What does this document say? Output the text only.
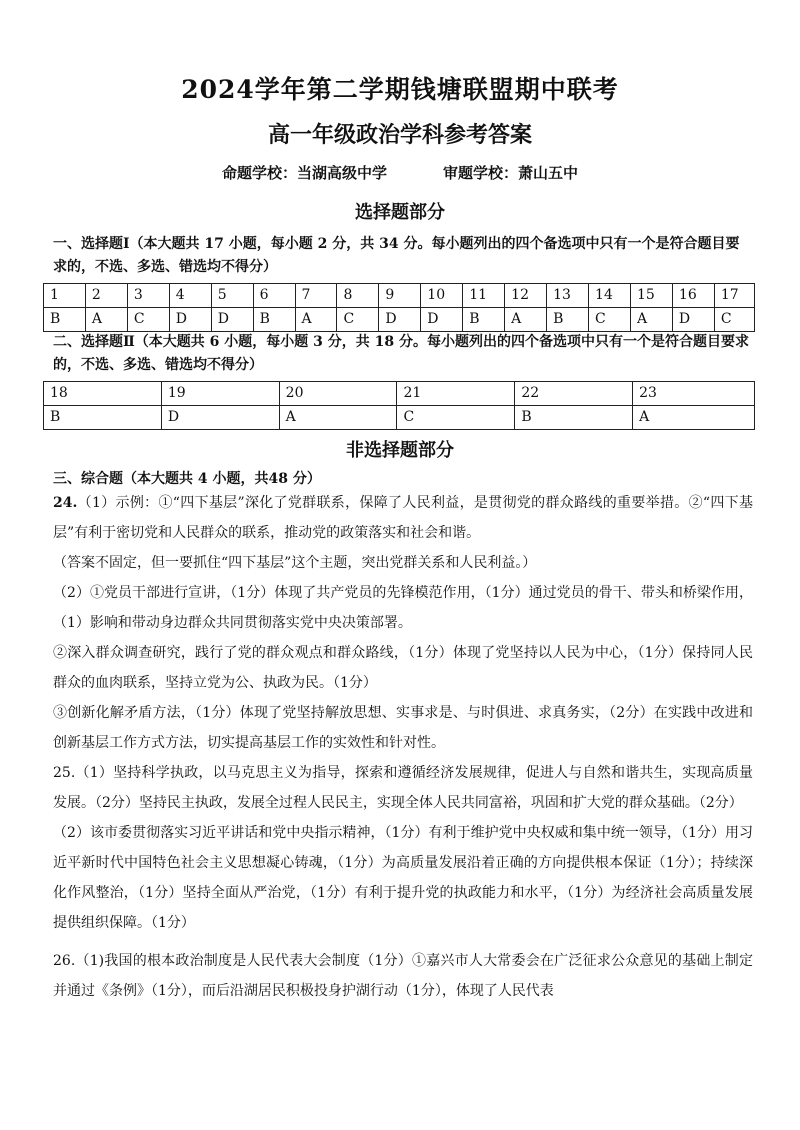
2024学年第二学期钱塘联盟期中联考
高一年级政治学科参考答案
命题学校：当湖高级中学	审题学校：萧山五中
选择题部分
一、选择题Ⅰ（本大题共 17 小题，每小题 2 分，共 34 分。每小题列出的四个备选项中只有一个是符合题目要求的，不选、多选、错选均不得分）
1	2	3	4	5	6	7	8	9	10	11	12	13	14	15	16	17
B	A	C	D	D	B	A	C	D	D	B	A	B	C	A	D	C
二、选择题Ⅱ（本大题共 6 小题，每小题 3 分，共 18 分。每小题列出的四个备选项中只有一个是符合题目要求的，不选、多选、错选均不得分）
18	19	20	21	22	23
B	D	A	C	B	A
非选择题部分
三、综合题（本大题共 4 小题，共48 分）

24.（1）示例：①“四下基层”深化了党群联系，保障了人民利益，是贯彻党的群众路线的重要举措。②“四下基层”有利于密切党和人民群众的联系，推动党的政策落实和社会和谐。

（答案不固定，但一要抓住“四下基层”这个主题，突出党群关系和人民利益。）

（2）①党员干部进行宣讲，（1分）体现了共产党员的先锋模范作用，（1分）通过党员的骨干、带头和桥梁作用，（1）影响和带动身边群众共同贯彻落实党中央决策部署。

②深入群众调查研究，践行了党的群众观点和群众路线，（1分）体现了党坚持以人民为中心，（1分）保持同人民群众的血肉联系，坚持立党为公、执政为民。（1分）

③创新化解矛盾方法，（1分）体现了党坚持解放思想、实事求是、与时俱进、求真务实，（2分）在实践中改进和创新基层工作方式方法，切实提高基层工作的实效性和针对性。

25.（1）坚持科学执政，以马克思主义为指导，探索和遵循经济发展规律，促进人与自然和谐共生，实现高质量发展。（2分）坚持民主执政，发展全过程人民民主，实现全体人民共同富裕，巩固和扩大党的群众基础。（2分）

（2）该市委贯彻落实习近平讲话和党中央指示精神，（1分）有利于维护党中央权威和集中统一领导，（1分）用习近平新时代中国特色社会主义思想凝心铸魂，（1分）为高质量发展沿着正确的方向提供根本保证（1分）；持续深化作风整治，（1分）坚持全面从严治党，（1分）有利于提升党的执政能力和水平，（1分）为经济社会高质量发展提供组织保障。（1分）

26.（1)我国的根本政治制度是人民代表大会制度（1分）①嘉兴市人大常委会在广泛征求公众意见的基础上制定并通过《条例》（1分），而后沿湖居民积极投身护湖行动（1分），体现了人民代表
